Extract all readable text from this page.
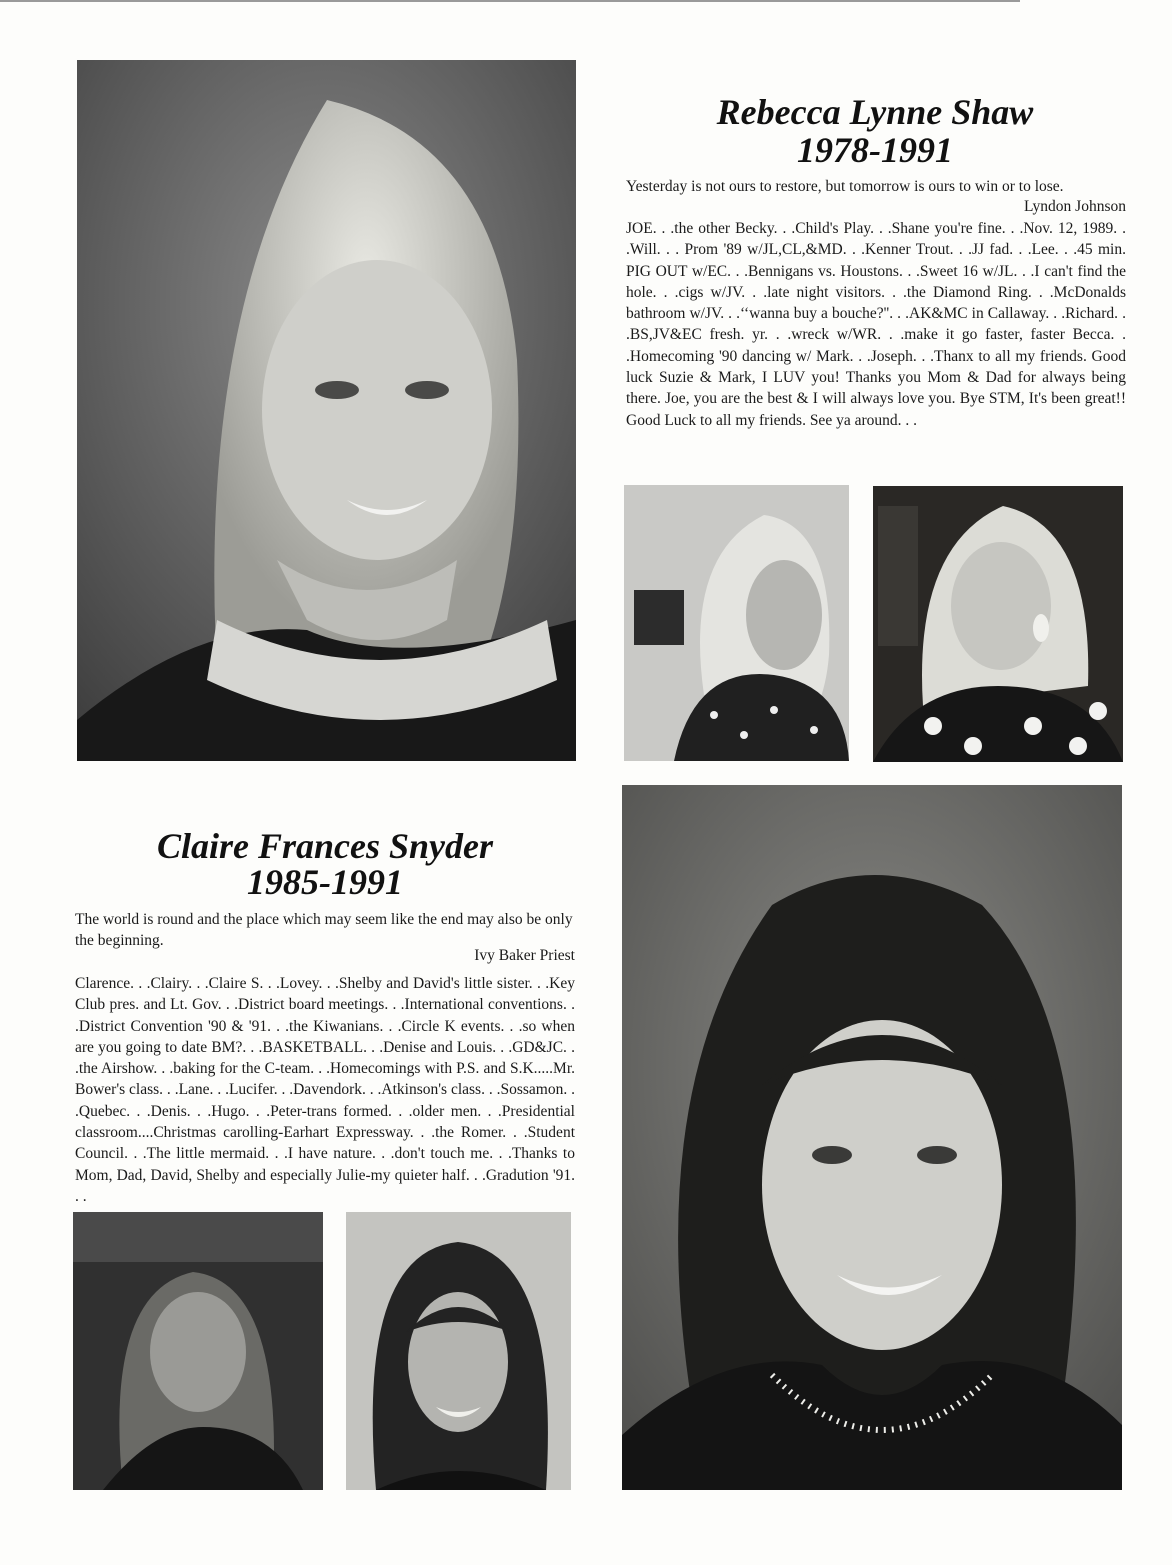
Rebecca Lynne Shaw
1978-1991
Yesterday is not ours to restore, but tomorrow is ours to win or to lose.
Lyndon Johnson
JOE. . .the other Becky. . .Child's Play. . .Shane you're fine. . .Nov. 12, 1989. . .Will. . . Prom '89 w/JL,CL,&MD. . .Kenner Trout. . .JJ fad. . .Lee. . .45 min. PIG OUT w/EC. . .Bennigans vs. Houstons. . .Sweet 16 w/JL. . .I can't find the hole. . .cigs w/JV. . .late night visitors. . .the Diamond Ring. . .McDonalds bathroom w/JV. . .‘‘wanna buy a bouche?''. . .AK&MC in Callaway. . .Richard. . .BS,JV&EC fresh. yr. . .wreck w/WR. . .make it go faster, faster Becca. . .Homecoming '90 dancing w/ Mark. . .Joseph. . .Thanx to all my friends. Good luck Suzie & Mark, I LUV you! Thanks you Mom & Dad for always being there. Joe, you are the best & I will always love you. Bye STM, It's been great!! Good Luck to all my friends. See ya around. . .
Claire Frances Snyder
1985-1991
The world is round and the place which may seem like the end may also be only the beginning.
Ivy Baker Priest
Clarence. . .Clairy. . .Claire S. . .Lovey. . .Shelby and David's little sister. . .Key Club pres. and Lt. Gov. . .District board meetings. . .International conventions. . .District Convention '90 & '91. . .the Kiwanians. . .Circle K events. . .so when are you going to date BM?. . .BASKETBALL. . .Denise and Louis. . .GD&JC. . .the Airshow. . .baking for the C-team. . .Homecomings with P.S. and S.K.....Mr. Bower's class. . .Lane. . .Lucifer. . .Davendork. . .Atkinson's class. . .Sossamon. . .Quebec. . .Denis. . .Hugo. . .Peter-trans formed. . .older men. . .Presidential classroom....Christmas carolling-Earhart Expressway. . .the Romer. . .Student Council. . .The little mermaid. . .I have nature. . .don't touch me. . .Thanks to Mom, Dad, David, Shelby and especially Julie-my quieter half. . .Gradution '91. . .
